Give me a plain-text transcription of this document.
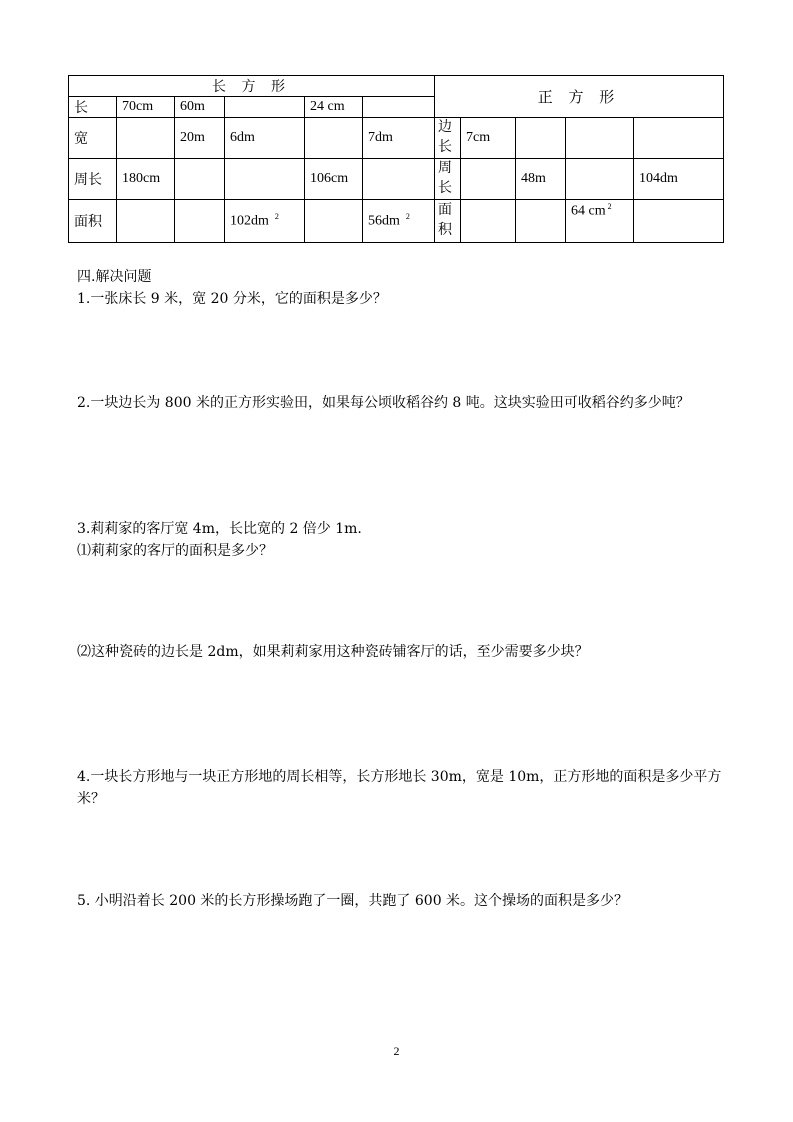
长 方 形						正 方 形				
长	70cm	60m		24 cm						
宽		20m	6dm		7dm	边长	7cm			
周长	180cm			106cm		周长		48m		104dm
面积			102dm $^2$		56dm $^2$	面积			64 cm $^2$	
四.解决问题
1.一张床长 9 米，宽 20 分米，它的面积是多少？
2.一块边长为 800 米的正方形实验田，如果每公顷收稻谷约 8 吨。这块实验田可收稻谷约多少吨？
3.莉莉家的客厅宽 4m，长比宽的 2 倍少 1m.
⑴莉莉家的客厅的面积是多少？
⑵这种瓷砖的边长是 2dm，如果莉莉家用这种瓷砖铺客厅的话，至少需要多少块？
4.一块长方形地与一块正方形地的周长相等，长方形地长 30m，宽是 10m，正方形地的面积是多少平方米？
5. 小明沿着长 200 米的长方形操场跑了一圈，共跑了 600 米。这个操场的面积是多少？
2
